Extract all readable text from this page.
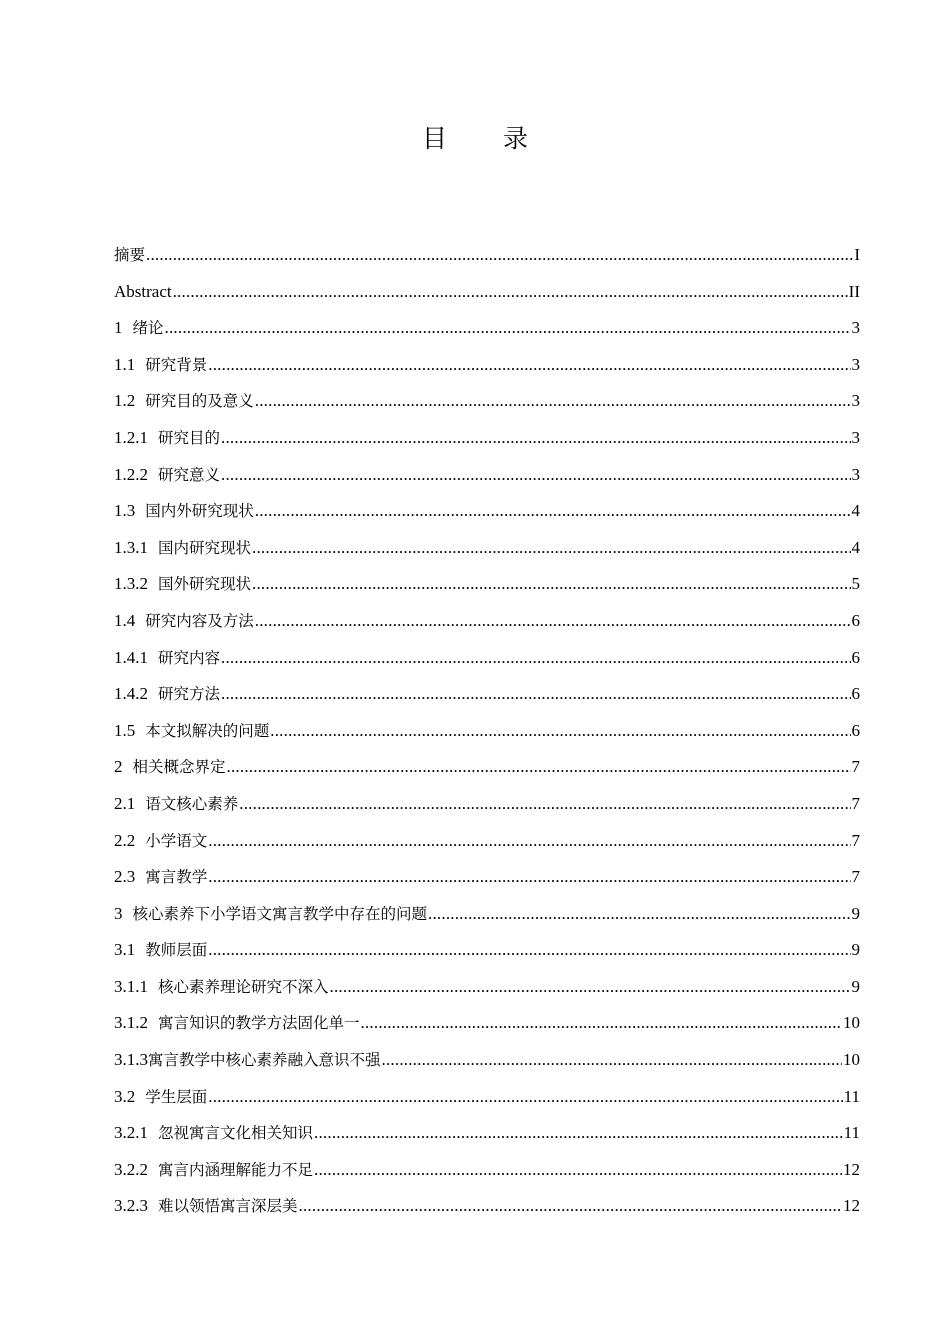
目 录
摘要 .....	I
Abstract .....	II
1 绪论 .....	3
1.1 研究背景 .....	3
1.2 研究目的及意义 .....	3
1.2.1 研究目的 .....	3
1.2.2 研究意义 .....	3
1.3 国内外研究现状 .....	4
1.3.1 国内研究现状 .....	4
1.3.2 国外研究现状 .....	5
1.4 研究内容及方法 .....	6
1.4.1 研究内容 .....	6
1.4.2 研究方法 .....	6
1.5 本文拟解决的问题 .....	6
2 相关概念界定 .....	7
2.1 语文核心素养 .....	7
2.2 小学语文 .....	7
2.3 寓言教学 .....	7
3 核心素养下小学语文寓言教学中存在的问题 .....	9
3.1 教师层面 .....	9
3.1.1 核心素养理论研究不深入 .....	9
3.1.2 寓言知识的教学方法固化单一 .....	10
3.1.3 寓言教学中核心素养融入意识不强 .....	10
3.2 学生层面 .....	11
3.2.1 忽视寓言文化相关知识 .....	11
3.2.2 寓言内涵理解能力不足 .....	12
3.2.3 难以领悟寓言深层美 .....	12
